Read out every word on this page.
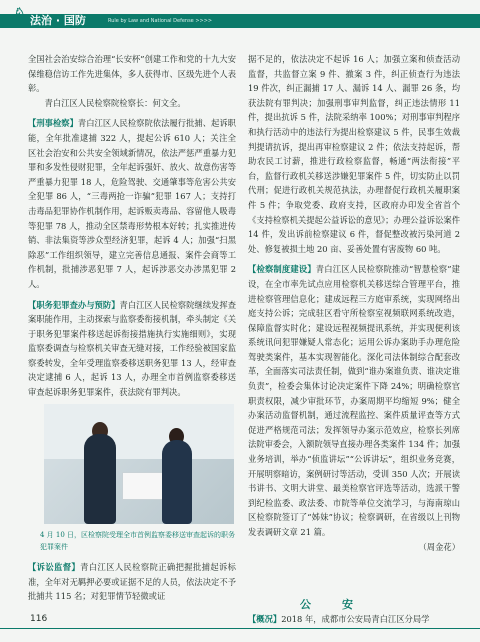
♘ 法治 · 国防	Rule by Law and National Defense >>>>

全国社会治安综合治理“长安杯”创建工作和党的十九大安保维稳信访工作先进集体，多人获得市、区级先进个人表彰。

青白江区人民检察院检察长：何文全。

【刑事检察】青白江区人民检察院依法履行批捕、起诉职能，全年批准逮捕 322 人，提起公诉 610 人；关注全区社会治安和公共安全领域新情况，依法严惩严重暴力犯罪和多发性侵财犯罪，全年起诉强奸、放火、故意伤害等严重暴力犯罪 18 人，危险驾驶、交通肇事等危害公共安全犯罪 86 人，“三毒两抢一诈骗”犯罪 167 人；支持打击毒品犯罪协作机制作用，起诉贩卖毒品、容留他人吸毒等犯罪 78 人，推动全区禁毒形势根本好转；扎实推进传销、非法集资等涉众型经济犯罪，起诉 4 人；加强“扫黑除恶”工作组织领导，建立完善信息通报、案件会商等工作机制，批捕涉恶犯罪 7 人，起诉涉恶交办涉黑犯罪 2 人。

【职务犯罪查办与预防】青白江区人民检察院继续发挥查案职能作用，主动探索与监察委衔接机制，牵头制定《关于职务犯罪案件移送起诉衔接措施执行实施细则》，实现监察委调查与检察机关审查无缝对接，工作经验被国家监察委转发，全年受理监察委移送职务犯罪 13 人，经审查决定逮捕 6 人，起诉 13 人，办理全市首例监察委移送审查起诉职务犯罪案件，获法院有罪判决。

4 月 10 日，区检察院受理全市首例监察委移送审查起诉的职务犯罪案件

【诉讼监督】青白江区人民检察院正确把握批捕起诉标准，全年对无羁押必要或证据不足的人员，依法决定不予批捕共 115 名；对犯罪情节轻微或证

据不足的，依法决定不起诉 16 人；加强立案和侦查活动监督，共监督立案 9 件、撤案 3 件，纠正侦查行为违法 19 件次，纠正漏捕 17 人、漏诉 14 人、漏罪 26 条，均获法院有罪判决；加强刑事审判监督，纠正违法情形 11 件，提出抗诉 5 件，法院采纳率 100%；对刑事审判程序和执行活动中的违法行为提出检察建议 5 件，民事生效裁判提请抗诉，提出再审检察建议 2 件；依法支持起诉，帮助农民工讨薪，推进行政检察监督，畅通“两法衔接”平台，监督行政机关移送涉嫌犯罪案件 5 件，切实防止以罚代刑；促进行政机关规范执法，办理督促行政机关履职案件 5 件；争取党委、政府支持，区政府办印发全省首个《支持检察机关提起公益诉讼的意见》；办理公益诉讼案件 14 件，发出诉前检察建议 6 件，督促整改被污染河道 2 处、修复被损土地 20 亩、妥善处置有害废物 60 吨。

【检察制度建设】青白江区人民检察院推动“智慧检察”建设，在全市率先试点应用检察机关移送综合管理平台，推进检察管理信息化；建成远程三方庭审系统，实现网络出庭支持公诉；完成驻区看守所检察室视频联网系统改造，保障监督实时化；建设远程视频提讯系统，并实现便利该系统讯问犯罪嫌疑人常态化；运用公诉办案助手办理危险驾驶类案件，基本实现智能化。深化司法体制综合配套改革，全面落实司法责任制，做到“谁办案谁负责、谁决定谁负责”，检委会集体讨论决定案件下降 24%；明确检察官职责权限，减少审批环节，办案周期平均缩短 9%；健全办案活动监督机制，通过流程监控、案件质量评查等方式促进严格规范司法；发挥领导办案示范效应，检察长列席法院审委会，入额院领导直接办理各类案件 134 件；加强业务培训，举办“侦监讲坛”“公诉讲坛”，组织业务竞赛，开展明察暗访，案例研讨等活动，受训 350 人次；开展读书讲书、文明大讲堂、最美检察官评选等活动，选派干警到纪检监委、政法委、市院等单位交流学习，与海南琼山区检察院签订了“姊妹”协议；检察调研，在省级以上刊物发表调研文章 21 篇。

（周金花）

公　安

【概况】2018 年，成都市公安局青白江区分局学

116
